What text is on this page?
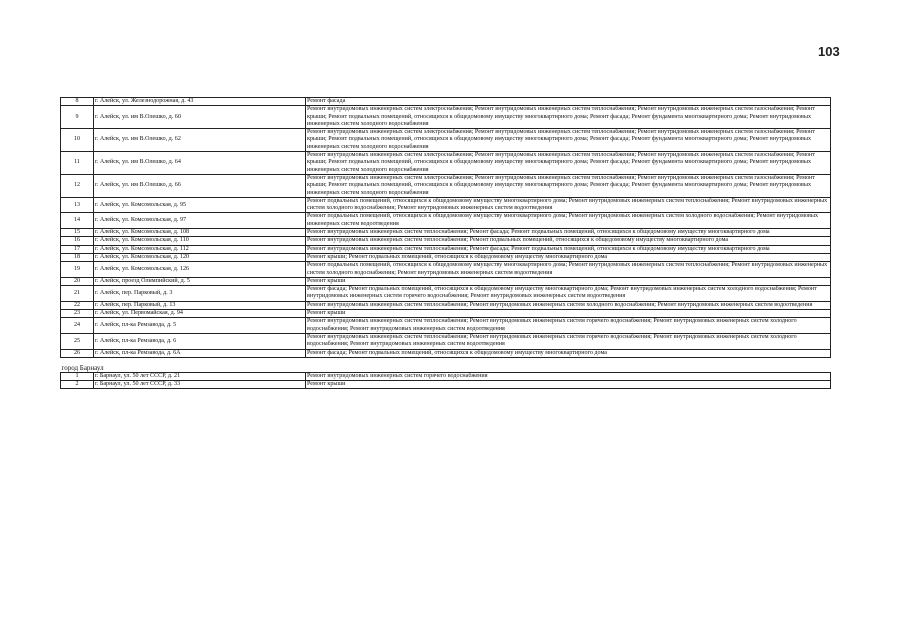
103
8	г. Алейск, ул. Железнодорожная, д. 43	Ремонт фасада
9	г. Алейск, ул. им В.Олешко, д. 60	Ремонт внутридомовых инженерных систем электроснабжения; Ремонт внутридомовых инженерных систем теплоснабжения; Ремонт внутридомовых инженерных систем газоснабжения; Ремонт крыши; Ремонт подвальных помещений, относящихся к общедомовому имуществу многоквартирного дома; Ремонт фасада; Ремонт фундамента многоквартирного дома; Ремонт внутридомовых инженерных систем холодного водоснабжения
10	г. Алейск, ул. им В.Олешко, д. 62	Ремонт внутридомовых инженерных систем электроснабжения; Ремонт внутридомовых инженерных систем теплоснабжения; Ремонт внутридомовых инженерных систем газоснабжения; Ремонт крыши; Ремонт подвальных помещений, относящихся к общедомовому имуществу многоквартирного дома; Ремонт фасада; Ремонт фундамента многоквартирного дома; Ремонт внутридомовых инженерных систем холодного водоснабжения
11	г. Алейск, ул. им В.Олешко, д. 64	Ремонт внутридомовых инженерных систем электроснабжения; Ремонт внутридомовых инженерных систем теплоснабжения; Ремонт внутридомовых инженерных систем газоснабжения; Ремонт крыши; Ремонт подвальных помещений, относящихся к общедомовому имуществу многоквартирного дома; Ремонт фасада; Ремонт фундамента многоквартирного дома; Ремонт внутридомовых инженерных систем холодного водоснабжения
12	г. Алейск, ул. им В.Олешко, д. 66	Ремонт внутридомовых инженерных систем электроснабжения; Ремонт внутридомовых инженерных систем теплоснабжения; Ремонт внутридомовых инженерных систем газоснабжения; Ремонт крыши; Ремонт подвальных помещений, относящихся к общедомовому имуществу многоквартирного дома; Ремонт фасада; Ремонт фундамента многоквартирного дома; Ремонт внутридомовых инженерных систем холодного водоснабжения
13	г. Алейск, ул. Комсомольская, д. 95	Ремонт подвальных помещений, относящихся к общедомовому имуществу многоквартирного дома; Ремонт внутридомовых инженерных систем теплоснабжения; Ремонт внутридомовых инженерных систем холодного водоснабжения; Ремонт внутридомовых инженерных систем водоотведения
14	г. Алейск, ул. Комсомольская, д. 97	Ремонт подвальных помещений, относящихся к общедомовому имуществу многоквартирного дома; Ремонт внутридомовых инженерных систем холодного водоснабжения; Ремонт внутридомовых инженерных систем водоотведения
15	г. Алейск, ул. Комсомольская, д. 108	Ремонт внутридомовых инженерных систем теплоснабжения; Ремонт фасада; Ремонт подвальных помещений, относящихся к общедомовому имуществу многоквартирного дома
16	г. Алейск, ул. Комсомольская, д. 110	Ремонт внутридомовых инженерных систем теплоснабжения; Ремонт подвальных помещений, относящихся к общедомовому имуществу многоквартирного дома
17	г. Алейск, ул. Комсомольская, д. 112	Ремонт внутридомовых инженерных систем теплоснабжения; Ремонт фасада; Ремонт подвальных помещений, относящихся к общедомовому имуществу многоквартирного дома
18	г. Алейск, ул. Комсомольская, д. 120	Ремонт крыши; Ремонт подвальных помещений, относящихся к общедомовому имуществу многоквартирного дома
19	г. Алейск, ул. Комсомольская, д. 126	Ремонт подвальных помещений, относящихся к общедомовому имуществу многоквартирного дома; Ремонт внутридомовых инженерных систем теплоснабжения; Ремонт внутридомовых инженерных систем холодного водоснабжения; Ремонт внутридомовых инженерных систем водоотведения
20	г. Алейск, проезд Олимпийский, д. 5	Ремонт крыши
21	г. Алейск, пер. Парковый, д. 3	Ремонт фасада; Ремонт подвальных помещений, относящихся к общедомовому имуществу многоквартирного дома; Ремонт внутридомовых инженерных систем холодного водоснабжения; Ремонт внутридомовых инженерных систем горячего водоснабжения; Ремонт внутридомовых инженерных систем водоотведения
22	г. Алейск, пер. Парковый, д. 13	Ремонт внутридомовых инженерных систем теплоснабжения; Ремонт внутридомовых инженерных систем холодного водоснабжения; Ремонт внутридомовых инженерных систем водоотведения
23	г. Алейск, ул. Первомайская, д. 94	Ремонт крыши
24	г. Алейск, пл-ка Ремзавода, д. 5	Ремонт внутридомовых инженерных систем теплоснабжения; Ремонт внутридомовых инженерных систем горячего водоснабжения; Ремонт внутридомовых инженерных систем холодного водоснабжения; Ремонт внутридомовых инженерных систем водоотведения
25	г. Алейск, пл-ка Ремзавода, д. 6	Ремонт внутридомовых инженерных систем теплоснабжения; Ремонт внутридомовых инженерных систем горячего водоснабжения; Ремонт внутридомовых инженерных систем холодного водоснабжения; Ремонт внутридомовых инженерных систем водоотведения
26	г. Алейск, пл-ка Ремзавода, д. 6А	Ремонт фасада; Ремонт подвальных помещений, относящихся к общедомовому имуществу многоквартирного дома
город Барнаул		
1	г. Барнаул, ул. 50 лет СССР, д. 21	Ремонт внутридомовых инженерных систем горячего водоснабжения
2	г. Барнаул, ул. 50 лет СССР, д. 33	Ремонт крыши
